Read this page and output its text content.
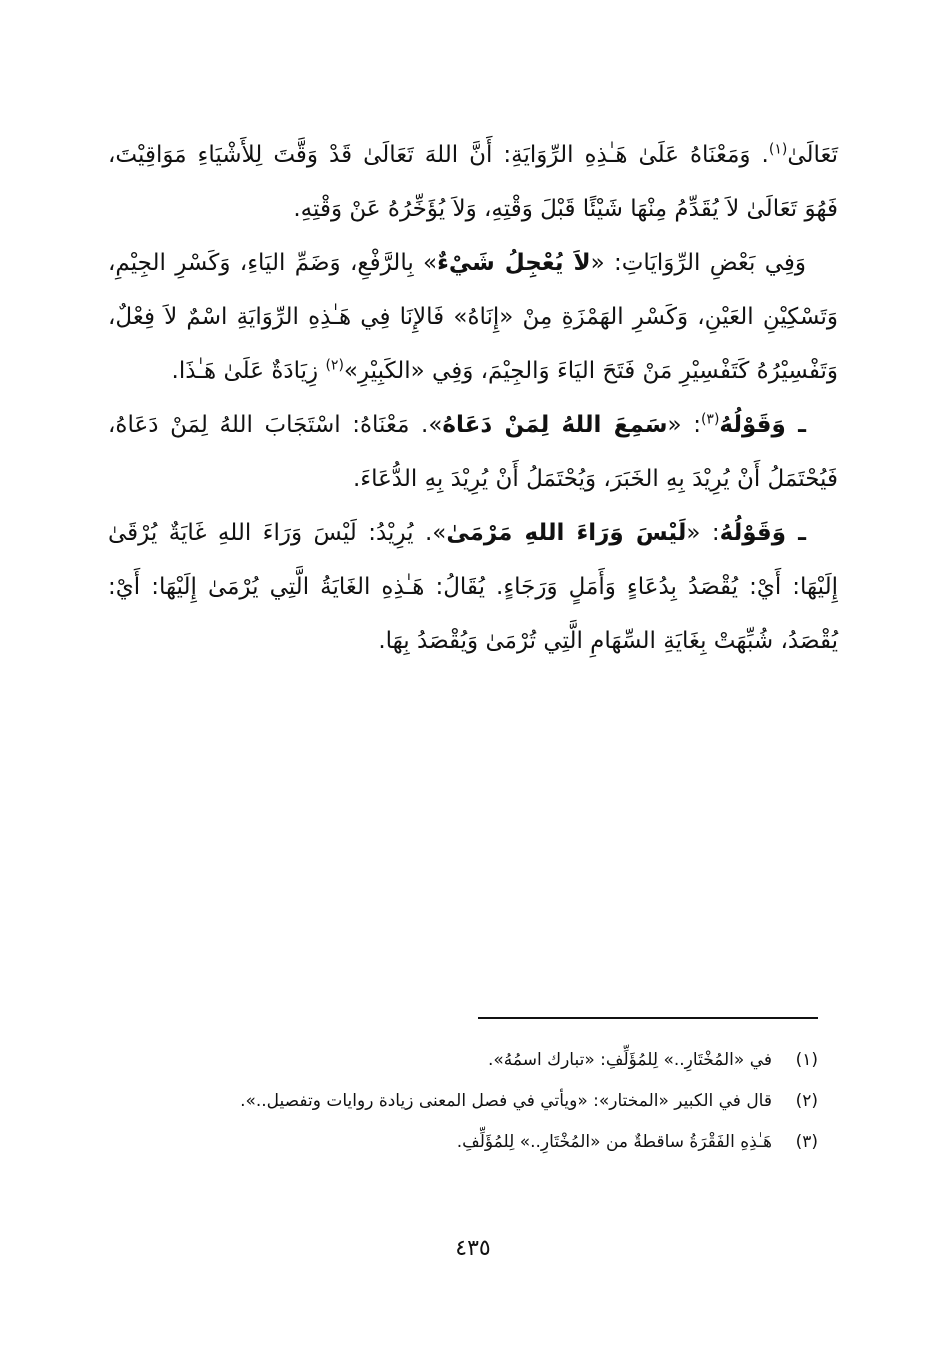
تَعَالَىٰ$^{(١)}$. وَمَعْنَاهُ عَلَىٰ هَـٰذِهِ الرِّوَايَةِ: أَنَّ اللهَ تَعَالَىٰ قَدْ وَقَّتَ لِلأَشْيَاءِ مَوَاقِيْتَ، فَهُوَ تَعَالَىٰ لاَ يُقَدِّمُ مِنْهَا شَيْئًا قَبْلَ وَقْتِهِ، وَلاَ يُؤَخِّرُهُ عَنْ وَقْتِهِ.

وَفِي بَعْضِ الرِّوَايَاتِ: «لاَ يُعْجِلُ شَيْءٌ» بِالرَّفْعِ، وَضَمِّ اليَاءِ، وَكَسْرِ الجِيْمِ، وَتَسْكِيْنِ العَيْنِ، وَكَسْرِ الهَمْزَةِ مِنْ «إِنَاهُ» فَالإِنَا فِي هَـٰذِهِ الرِّوَايَةِ اسْمٌ لاَ فِعْلٌ، وَتَفْسِيْرُهُ كَتَفْسِيْرِ مَنْ فَتَحَ اليَاءَ وَالجِيْمَ، وَفِي «الكَبِيْرِ»$^{(٢)}$ زِيَادَةٌ عَلَىٰ هَـٰذَا.

ـ وَقَوْلُهُ$^{(٣)}$: «سَمِعَ اللهُ لِمَنْ دَعَاهُ». مَعْنَاهُ: اسْتَجَابَ اللهُ لِمَنْ دَعَاهُ، فَيُحْتَمَلُ أَنْ يُرِيْدَ بِهِ الخَبَرَ، وَيُحْتَمَلُ أَنْ يُرِيْدَ بِهِ الدُّعَاءَ.

ـ وَقَوْلُهُ: «لَيْسَ وَرَاءَ اللهِ مَرْمَىٰ». يُرِيْدُ: لَيْسَ وَرَاءَ اللهِ غَايَةٌ يُرْقَىٰ إِلَيْهَا: أَيْ: يُقْصَدُ بِدُعَاءٍ وَأَمَلٍ وَرَجَاءٍ. يُقَالُ: هَـٰذِهِ الغَايَةُ الَّتِي يُرْمَىٰ إِلَيْهَا: أَيْ: يُقْصَدُ، شُبِّهَتْ بِغَايَةِ السِّهَامِ الَّتِي تُرْمَىٰ وَيُقْصَدُ بِهَا.

(١)
في «المُخْتَارِ..» لِلمُؤَلِّفِ: «تبارك اسمُهُ».
(٢)
قال في الكبير «المختار»: «ويأتي في فصل المعنى زيادة روايات وتفصيل..».
(٣)
هَـٰذِهِ الفَقْرَةُ ساقطةٌ من «المُخْتَارِ..» لِلمُؤَلِّفِ.
٤٣٥
